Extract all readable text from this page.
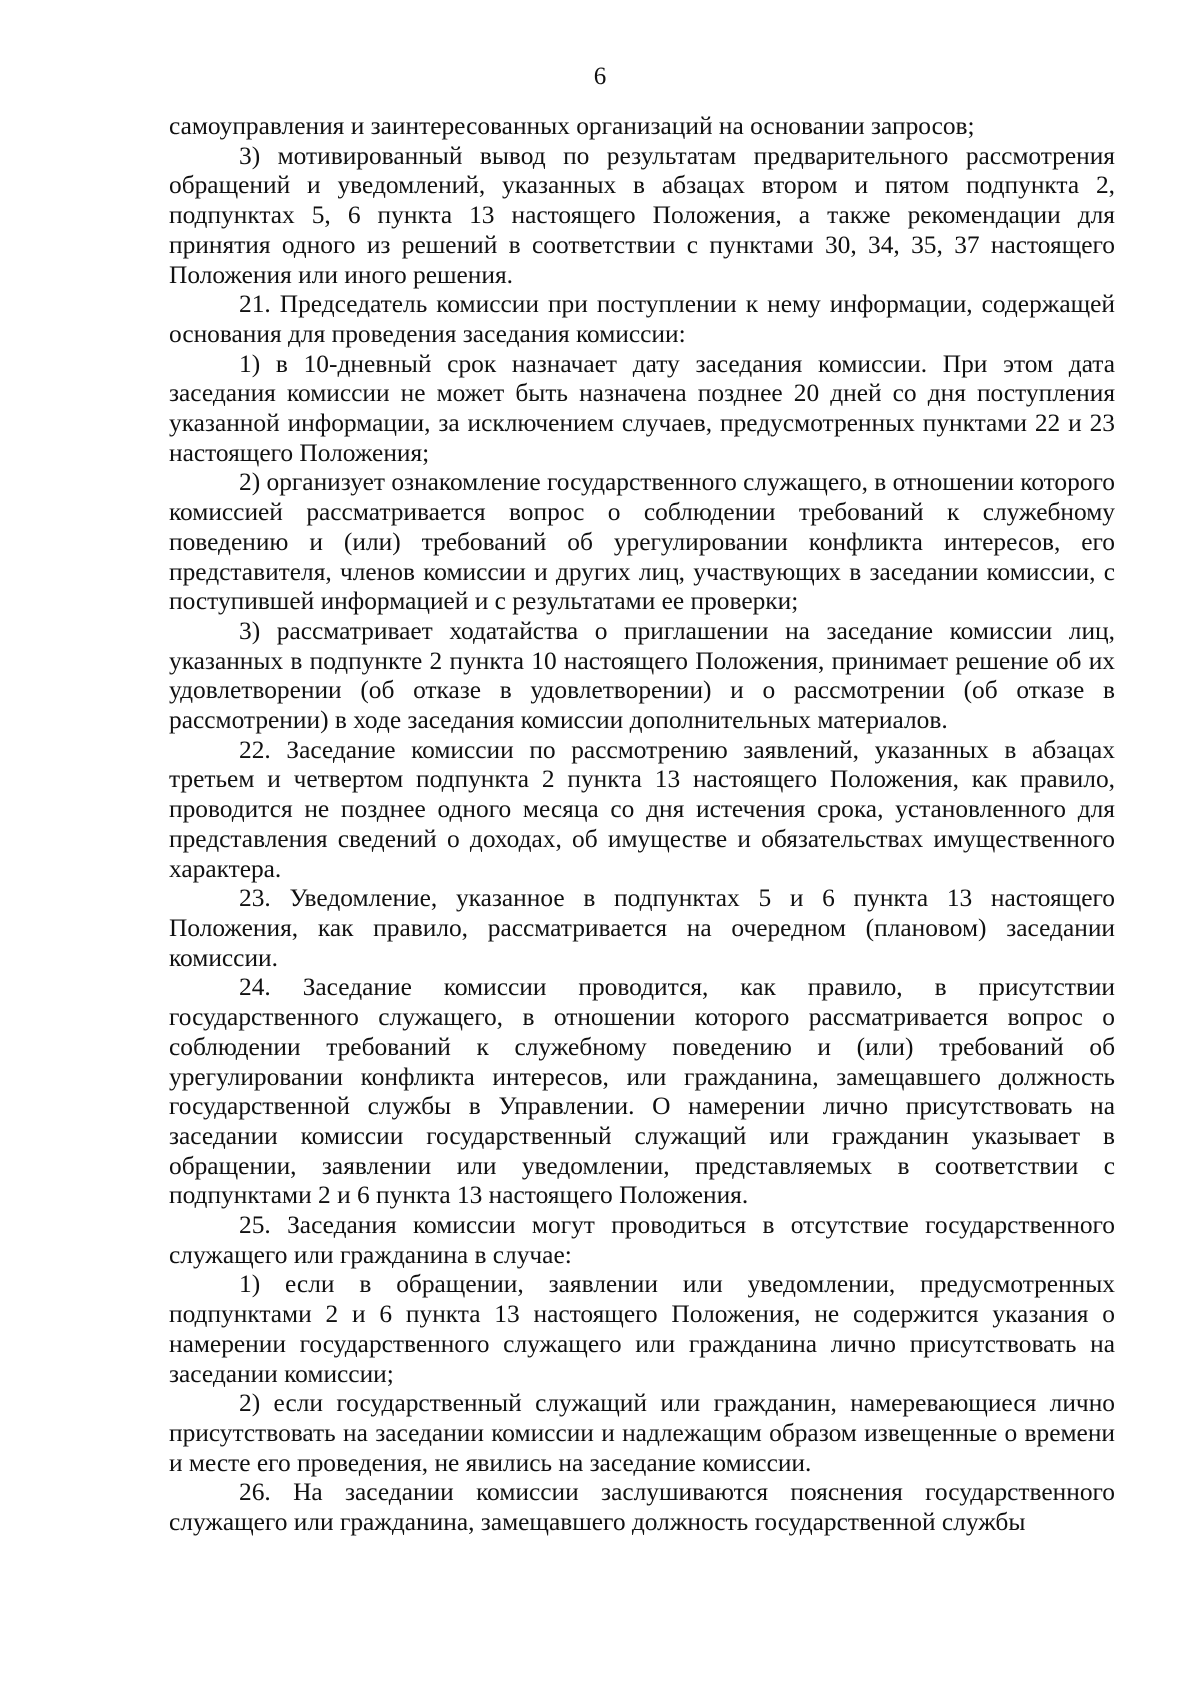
6

самоуправления и заинтересованных организаций на основании запросов;

3) мотивированный вывод по результатам предварительного рассмотрения обращений и уведомлений, указанных в абзацах втором и пятом подпункта 2, подпунктах 5, 6 пункта 13 настоящего Положения, а также рекомендации для принятия одного из решений в соответствии с пунктами 30, 34, 35, 37 настоящего Положения или иного решения.

21. Председатель комиссии при поступлении к нему информации, содержащей основания для проведения заседания комиссии:

1) в 10-дневный срок назначает дату заседания комиссии. При этом дата заседания комиссии не может быть назначена позднее 20 дней со дня поступления указанной информации, за исключением случаев, предусмотренных пунктами 22 и 23 настоящего Положения;

2) организует ознакомление государственного служащего, в отношении которого комиссией рассматривается вопрос о соблюдении требований к служебному поведению и (или) требований об урегулировании конфликта интересов, его представителя, членов комиссии и других лиц, участвующих в заседании комиссии, с поступившей информацией и с результатами ее проверки;

3) рассматривает ходатайства о приглашении на заседание комиссии лиц, указанных в подпункте 2 пункта 10 настоящего Положения, принимает решение об их удовлетворении (об отказе в удовлетворении) и о рассмотрении (об отказе в рассмотрении) в ходе заседания комиссии дополнительных материалов.

22. Заседание комиссии по рассмотрению заявлений, указанных в абзацах третьем и четвертом подпункта 2 пункта 13 настоящего Положения, как правило, проводится не позднее одного месяца со дня истечения срока, установленного для представления сведений о доходах, об имуществе и обязательствах имущественного характера.

23. Уведомление, указанное в подпунктах 5 и 6 пункта 13 настоящего Положения, как правило, рассматривается на очередном (плановом) заседании комиссии.

24. Заседание комиссии проводится, как правило, в присутствии государственного служащего, в отношении которого рассматривается вопрос о соблюдении требований к служебному поведению и (или) требований об урегулировании конфликта интересов, или гражданина, замещавшего должность государственной службы в Управлении. О намерении лично присутствовать на заседании комиссии государственный служащий или гражданин указывает в обращении, заявлении или уведомлении, представляемых в соответствии с подпунктами 2 и 6 пункта 13 настоящего Положения.

25. Заседания комиссии могут проводиться в отсутствие государственного служащего или гражданина в случае:

1) если в обращении, заявлении или уведомлении, предусмотренных подпунктами 2 и 6 пункта 13 настоящего Положения, не содержится указания о намерении государственного служащего или гражданина лично присутствовать на заседании комиссии;

2) если государственный служащий или гражданин, намеревающиеся лично присутствовать на заседании комиссии и надлежащим образом извещенные о времени и месте его проведения, не явились на заседание комиссии.

26. На заседании комиссии заслушиваются пояснения государственного служащего или гражданина, замещавшего должность государственной службы
